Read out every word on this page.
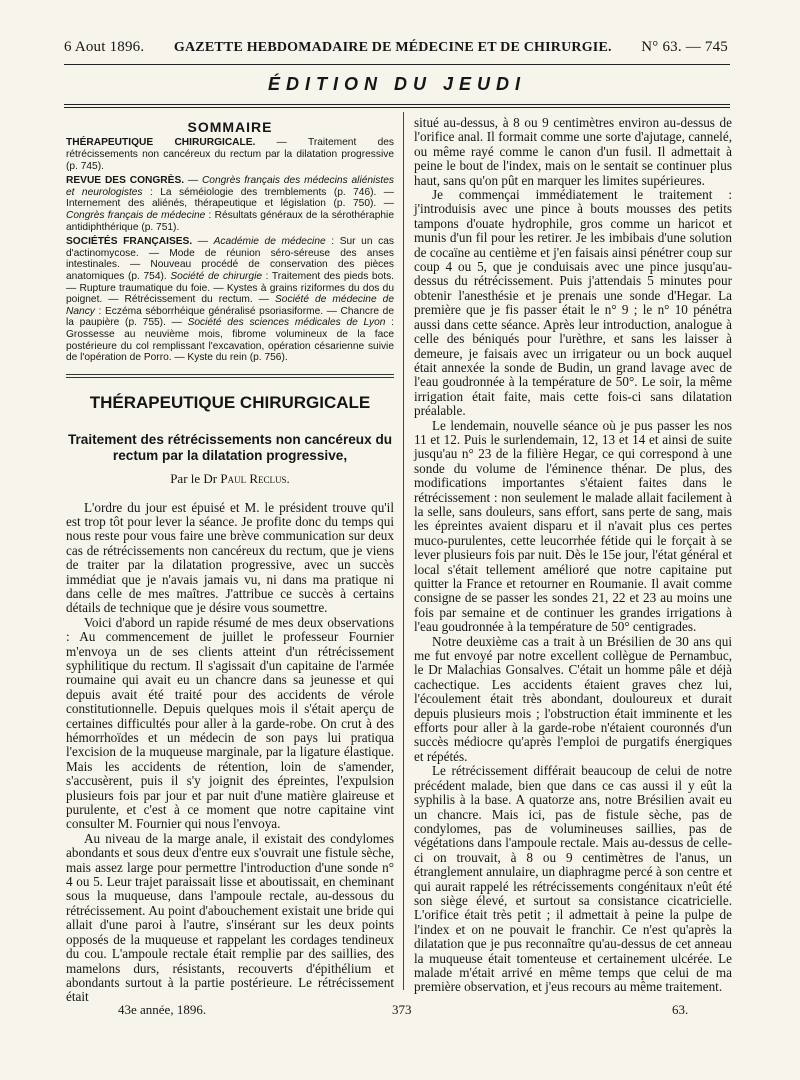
6 Aout 1896. GAZETTE HEBDOMADAIRE DE MÉDECINE ET DE CHIRURGIE. N° 63. — 745
ÉDITION DU JEUDI
SOMMAIRE

THÉRAPEUTIQUE CHIRURGICALE. — Traitement des rétrécissements non cancéreux du rectum par la dilatation progressive (p. 745).

REVUE DES CONGRÈS. — Congrès français des médecins aliénistes et neurologistes : La séméiologie des tremblements (p. 746). — Internement des aliénés, thérapeutique et législation (p. 750). — Congrès français de médecine : Résultats généraux de la sérothéraphie antidiphthérique (p. 751).

SOCIÉTÉS FRANÇAISES. — Académie de médecine : Sur un cas d'actinomycose. — Mode de réunion séro-séreuse des anses intestinales. — Nouveau procédé de conservation des pièces anatomiques (p. 754). Société de chirurgie : Traitement des pieds bots. — Rupture traumatique du foie. — Kystes à grains riziformes du dos du poignet. — Rétrécissement du rectum. — Société de médecine de Nancy : Eczéma séborrhéique généralisé psoriasiforme. — Chancre de la paupière (p. 755). — Société des sciences médicales de Lyon : Grossesse au neuvième mois, fibrome volumineux de la face postérieure du col remplissant l'excavation, opération césarienne suivie de l'opération de Porro. — Kyste du rein (p. 756).

THÉRAPEUTIQUE CHIRURGICALE
Traitement des rétrécissements non cancéreux du rectum par la dilatation progressive,
Par le Dr Paul Reclus.

L'ordre du jour est épuisé et M. le président trouve qu'il est trop tôt pour lever la séance. Je profite donc du temps qui nous reste pour vous faire une brève communication sur deux cas de rétrécissements non cancéreux du rectum, que je viens de traiter par la dilatation progressive, avec un succès immédiat que je n'avais jamais vu, ni dans ma pratique ni dans celle de mes maîtres. J'attribue ce succès à certains détails de technique que je désire vous soumettre.

Voici d'abord un rapide résumé de mes deux observations : Au commencement de juillet le professeur Fournier m'envoya un de ses clients atteint d'un rétrécissement syphilitique du rectum. Il s'agissait d'un capitaine de l'armée roumaine qui avait eu un chancre dans sa jeunesse et qui depuis avait été traité pour des accidents de vérole constitutionnelle. Depuis quelques mois il s'était aperçu de certaines difficultés pour aller à la garde-robe. On crut à des hémorrhoïdes et un médecin de son pays lui pratiqua l'excision de la muqueuse marginale, par la ligature élastique. Mais les accidents de rétention, loin de s'amender, s'accusèrent, puis il s'y joignit des épreintes, l'expulsion plusieurs fois par jour et par nuit d'une matière glaireuse et purulente, et c'est à ce moment que notre capitaine vint consulter M. Fournier qui nous l'envoya.

Au niveau de la marge anale, il existait des condylomes abondants et sous deux d'entre eux s'ouvrait une fistule sèche, mais assez large pour permettre l'introduction d'une sonde n° 4 ou 5. Leur trajet paraissait lisse et aboutissait, en cheminant sous la muqueuse, dans l'ampoule rectale, au-dessous du rétrécissement. Au point d'abouchement existait une bride qui allait d'une paroi à l'autre, s'insérant sur les deux points opposés de la muqueuse et rappelant les cordages tendineux du cou. L'ampoule rectale était remplie par des saillies, des mamelons durs, résistants, recouverts d'épithélium et abondants surtout à la partie postérieure. Le rétrécissement était

situé au-dessus, à 8 ou 9 centimètres environ au-dessus de l'orifice anal. Il formait comme une sorte d'ajutage, cannelé, ou même rayé comme le canon d'un fusil. Il admettait à peine le bout de l'index, mais on le sentait se continuer plus haut, sans qu'on pût en marquer les limites supérieures.

Je commençai immédiatement le traitement : j'introduisis avec une pince à bouts mousses des petits tampons d'ouate hydrophile, gros comme un haricot et munis d'un fil pour les retirer. Je les imbibais d'une solution de cocaïne au centième et j'en faisais ainsi pénétrer coup sur coup 4 ou 5, que je conduisais avec une pince jusqu'au-dessus du rétrécissement. Puis j'attendais 5 minutes pour obtenir l'anesthésie et je prenais une sonde d'Hegar. La première que je fis passer était le n° 9 ; le n° 10 pénétra aussi dans cette séance. Après leur introduction, analogue à celle des béniqués pour l'urèthre, et sans les laisser à demeure, je faisais avec un irrigateur ou un bock auquel était annexée la sonde de Budin, un grand lavage avec de l'eau goudronnée à la température de 50°. Le soir, la même irrigation était faite, mais cette fois-ci sans dilatation préalable.

Le lendemain, nouvelle séance où je pus passer les nos 11 et 12. Puis le surlendemain, 12, 13 et 14 et ainsi de suite jusqu'au n° 23 de la filière Hegar, ce qui correspond à une sonde du volume de l'éminence thénar. De plus, des modifications importantes s'étaient faites dans le rétrécissement : non seulement le malade allait facilement à la selle, sans douleurs, sans effort, sans perte de sang, mais les épreintes avaient disparu et il n'avait plus ces pertes muco-purulentes, cette leucorrhée fétide qui le forçait à se lever plusieurs fois par nuit. Dès le 15e jour, l'état général et local s'était tellement amélioré que notre capitaine put quitter la France et retourner en Roumanie. Il avait comme consigne de se passer les sondes 21, 22 et 23 au moins une fois par semaine et de continuer les grandes irrigations à l'eau goudronnée à la température de 50° centigrades.

Notre deuxième cas a trait à un Brésilien de 30 ans qui me fut envoyé par notre excellent collègue de Pernambuc, le Dr Malachias Gonsalves. C'était un homme pâle et déjà cachectique. Les accidents étaient graves chez lui, l'écoulement était très abondant, douloureux et durait depuis plusieurs mois ; l'obstruction était imminente et les efforts pour aller à la garde-robe n'étaient couronnés d'un succès médiocre qu'après l'emploi de purgatifs énergiques et répétés.

Le rétrécissement différait beaucoup de celui de notre précédent malade, bien que dans ce cas aussi il y eût la syphilis à la base. A quatorze ans, notre Brésilien avait eu un chancre. Mais ici, pas de fistule sèche, pas de condylomes, pas de volumineuses saillies, pas de végétations dans l'ampoule rectale. Mais au-dessus de celle-ci on trouvait, à 8 ou 9 centimètres de l'anus, un étranglement annulaire, un diaphragme percé à son centre et qui aurait rappelé les rétrécissements congénitaux n'eût été son siège élevé, et surtout sa consistance cicatricielle. L'orifice était très petit ; il admettait à peine la pulpe de l'index et on ne pouvait le franchir. Ce n'est qu'après la dilatation que je pus reconnaître qu'au-dessus de cet anneau la muqueuse était tomenteuse et certainement ulcérée. Le malade m'était arrivé en même temps que celui de ma première observation, et j'eus recours au même traitement.

43e année, 1896.	373	63.
